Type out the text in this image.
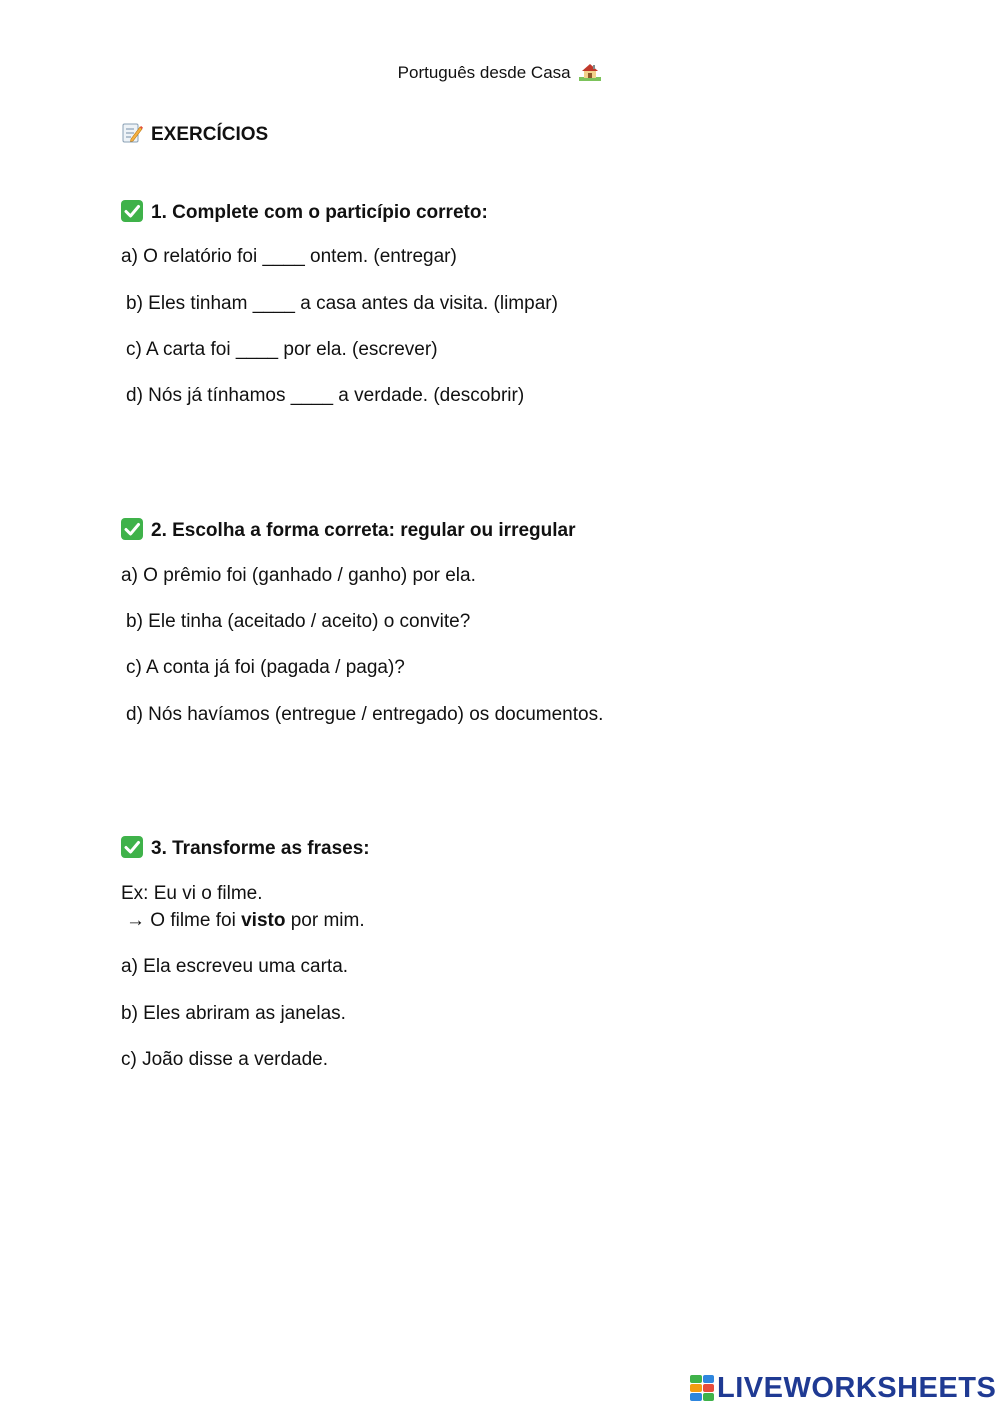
Português desde Casa
EXERCÍCIOS
1. Complete com o particípio correto:
a) O relatório foi ____ ontem. (entregar)
b) Eles tinham ____ a casa antes da visita. (limpar)
c) A carta foi ____ por ela. (escrever)
d) Nós já tínhamos ____ a verdade. (descobrir)
2. Escolha a forma correta: regular ou irregular
a) O prêmio foi (ganhado / ganho) por ela.
b) Ele tinha (aceitado / aceito) o convite?
c) A conta já foi (pagada / paga)?
d) Nós havíamos (entregue / entregado) os documentos.
3. Transforme as frases:
Ex: Eu vi o filme.
→ O filme foi visto por mim.
a) Ela escreveu uma carta.
b) Eles abriram as janelas.
c) João disse a verdade.
LIVEWORKSHEETS
